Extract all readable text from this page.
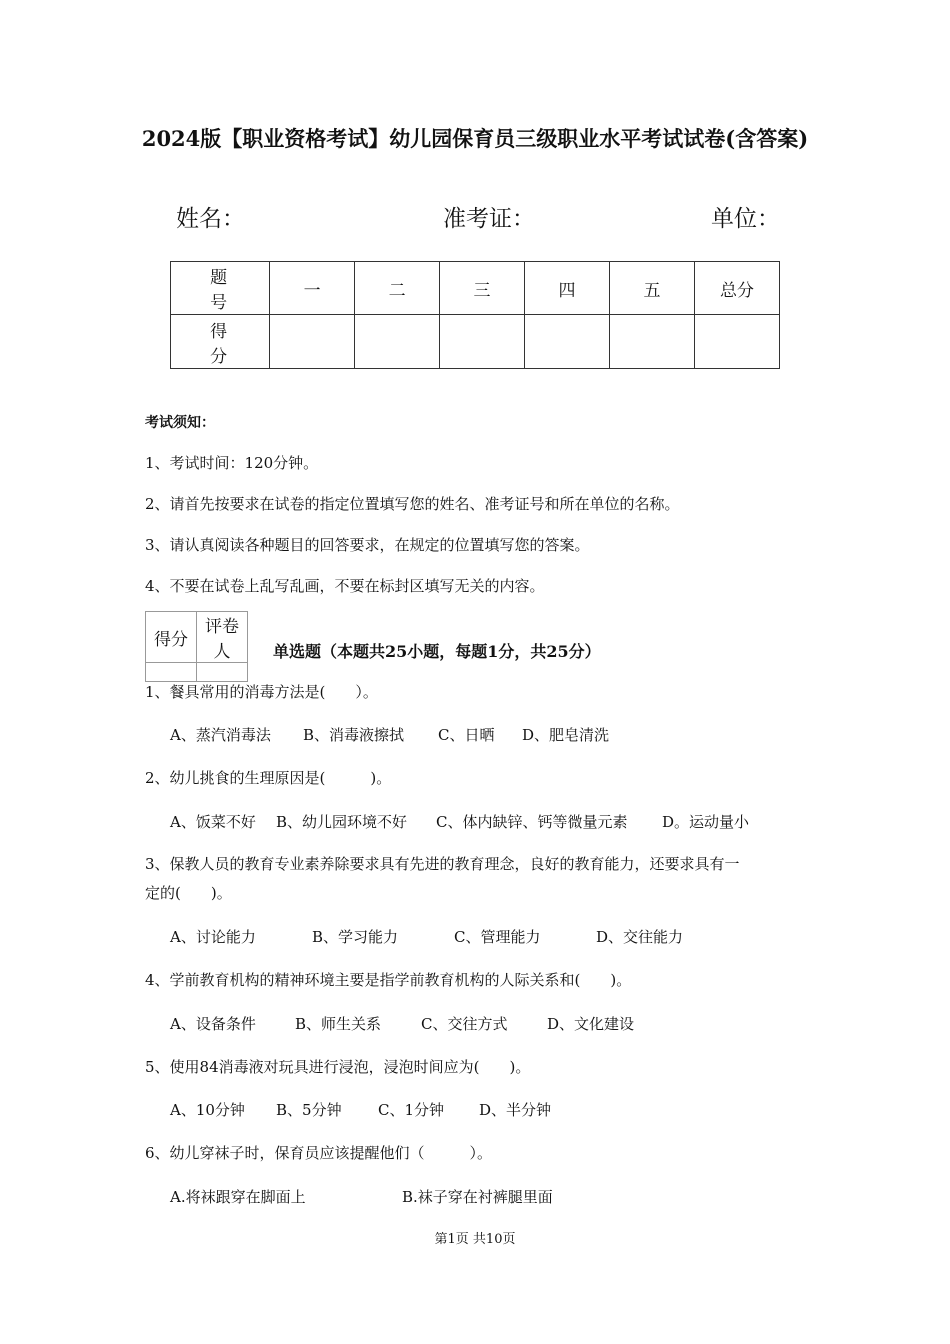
2024版【职业资格考试】幼儿园保育员三级职业水平考试试卷(含答案)
姓名：	准考证：	单位：
题 号	一	二	三	四	五	总分
得 分						
考试须知：
1、考试时间：120分钟。
2、请首先按要求在试卷的指定位置填写您的姓名、准考证号和所在单位的名称。
3、请认真阅读各种题目的回答要求，在规定的位置填写您的答案。
4、不要在试卷上乱写乱画，不要在标封区填写无关的内容。
得分	评卷人
		单选题（本题共25小题，每题1分，共25分）
1、餐具常用的消毒方法是(　　）。
A、蒸汽消毒法 B、消毒液擦拭 C、日晒 D、肥皂清洗
2、幼儿挑食的生理原因是(　　　)。
A、饭菜不好 B、幼儿园环境不好 C、体内缺锌、钙等微量元素 D。运动量小
3、保教人员的教育专业素养除要求具有先进的教育理念，良好的教育能力，还要求具有一
定的(　　)。
A、讨论能力	B、学习能力	C、管理能力	D、交往能力
4、学前教育机构的精神环境主要是指学前教育机构的人际关系和(　　)。
A、设备条件	B、师生关系	C、交往方式	D、文化建设
5、使用84消毒液对玩具进行浸泡，浸泡时间应为(　　)。
A、10分钟 B、5分钟 C、1分钟 D、半分钟
6、幼儿穿袜子时，保育员应该提醒他们（　　　）。
A.将袜跟穿在脚面上	B.袜子穿在衬裤腿里面
第1页 共10页
